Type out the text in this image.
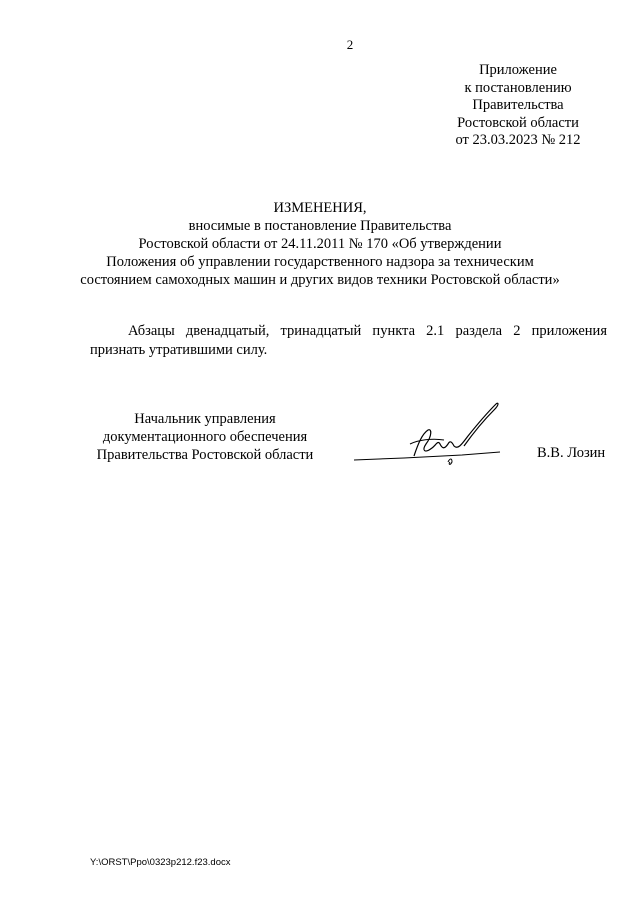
2
Приложение
к постановлению
Правительства
Ростовской области
от 23.03.2023 № 212
ИЗМЕНЕНИЯ,
вносимые в постановление Правительства
Ростовской области от 24.11.2011 № 170 «Об утверждении
Положения об управлении государственного надзора за техническим
состоянием самоходных машин и других видов техники Ростовской области»
Абзацы двенадцатый, тринадцатый пункта 2.1 раздела 2 приложения признать утратившими силу.
Начальник управления
документационного обеспечения
Правительства Ростовской области	В.В. Лозин
Y:\ORST\Ppo\0323p212.f23.docx
